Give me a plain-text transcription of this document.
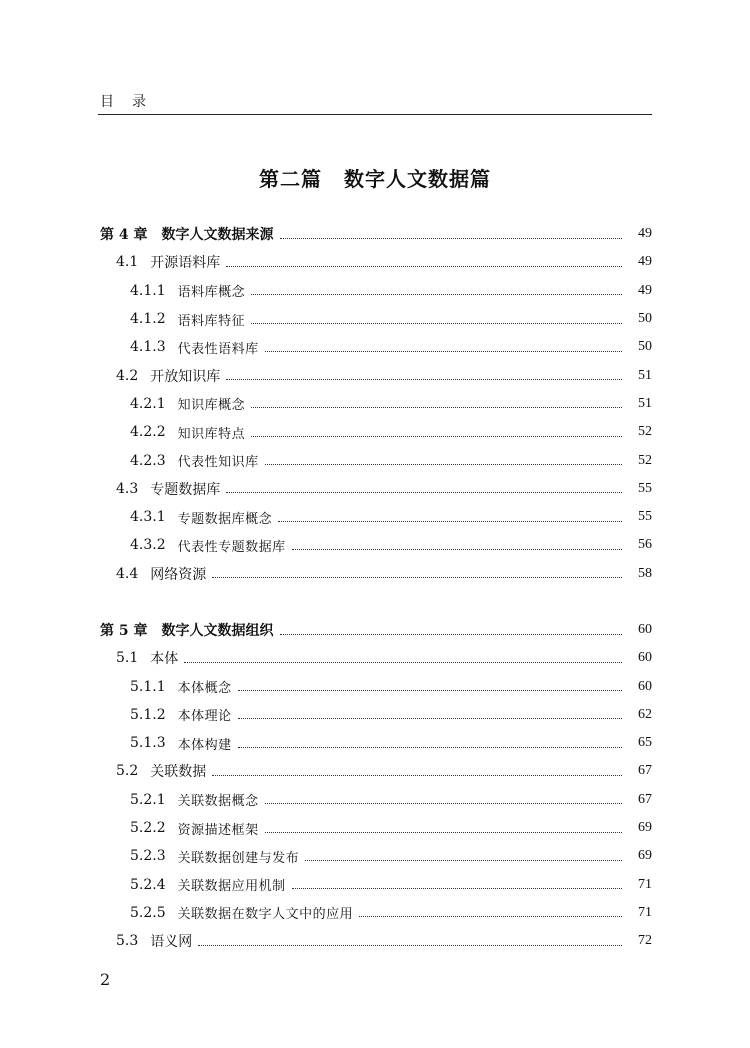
目 录
第二篇 数字人文数据篇
第 4 章	数字人文数据来源	49
4.1 开源语料库	49
4.1.1 语料库概念	49
4.1.2 语料库特征	50
4.1.3 代表性语料库	50
4.2 开放知识库	51
4.2.1 知识库概念	51
4.2.2 知识库特点	52
4.2.3 代表性知识库	52
4.3 专题数据库	55
4.3.1 专题数据库概念	55
4.3.2 代表性专题数据库	56
4.4 网络资源	58
第 5 章	数字人文数据组织	60
5.1 本体	60
5.1.1 本体概念	60
5.1.2 本体理论	62
5.1.3 本体构建	65
5.2 关联数据	67
5.2.1 关联数据概念	67
5.2.2 资源描述框架	69
5.2.3 关联数据创建与发布	69
5.2.4 关联数据应用机制	71
5.2.5 关联数据在数字人文中的应用	71
5.3 语义网	72
2
